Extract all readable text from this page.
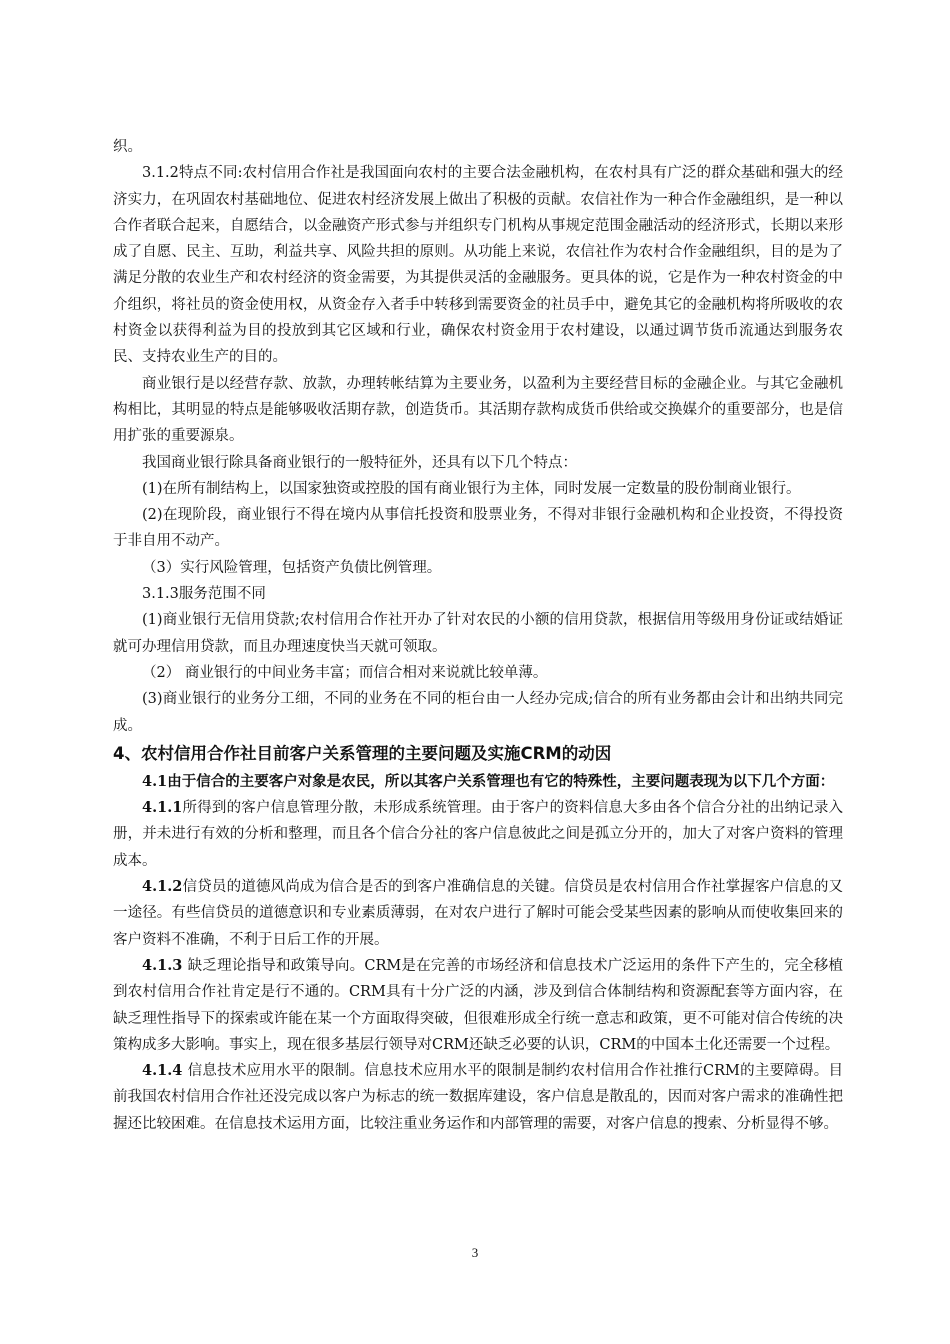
织。

3.1.2特点不同:农村信用合作社是我国面向农村的主要合法金融机构，在农村具有广泛的群众基础和强大的经济实力，在巩固农村基础地位、促进农村经济发展上做出了积极的贡献。农信社作为一种合作金融组织，是一种以合作者联合起来，自愿结合，以金融资产形式参与并组织专门机构从事规定范围金融活动的经济形式，长期以来形成了自愿、民主、互助，利益共享、风险共担的原则。从功能上来说，农信社作为农村合作金融组织，目的是为了满足分散的农业生产和农村经济的资金需要，为其提供灵活的金融服务。更具体的说，它是作为一种农村资金的中介组织，将社员的资金使用权，从资金存入者手中转移到需要资金的社员手中，避免其它的金融机构将所吸收的农村资金以获得利益为目的投放到其它区域和行业，确保农村资金用于农村建设，以通过调节货币流通达到服务农民、支持农业生产的目的。

商业银行是以经营存款、放款，办理转帐结算为主要业务，以盈利为主要经营目标的金融企业。与其它金融机构相比，其明显的特点是能够吸收活期存款，创造货币。其活期存款构成货币供给或交换媒介的重要部分，也是信用扩张的重要源泉。

我国商业银行除具备商业银行的一般特征外，还具有以下几个特点：

(1)在所有制结构上，以国家独资或控股的国有商业银行为主体，同时发展一定数量的股份制商业银行。

(2)在现阶段，商业银行不得在境内从事信托投资和股票业务，不得对非银行金融机构和企业投资，不得投资于非自用不动产。

（3）实行风险管理，包括资产负债比例管理。

3.1.3服务范围不同

(1)商业银行无信用贷款;农村信用合作社开办了针对农民的小额的信用贷款，根据信用等级用身份证或结婚证就可办理信用贷款，而且办理速度快当天就可领取。

（2） 商业银行的中间业务丰富；而信合相对来说就比较单薄。

(3)商业银行的业务分工细，不同的业务在不同的柜台由一人经办完成;信合的所有业务都由会计和出纳共同完成。

4、农村信用合作社目前客户关系管理的主要问题及实施CRM的动因

4.1由于信合的主要客户对象是农民，所以其客户关系管理也有它的特殊性，主要问题表现为以下几个方面：

4.1.1所得到的客户信息管理分散，未形成系统管理。由于客户的资料信息大多由各个信合分社的出纳记录入册，并未进行有效的分析和整理，而且各个信合分社的客户信息彼此之间是孤立分开的，加大了对客户资料的管理成本。

4.1.2信贷员的道德风尚成为信合是否的到客户准确信息的关键。信贷员是农村信用合作社掌握客户信息的又一途径。有些信贷员的道德意识和专业素质薄弱，在对农户进行了解时可能会受某些因素的影响从而使收集回来的客户资料不准确，不利于日后工作的开展。

4.1.3 缺乏理论指导和政策导向。CRM是在完善的市场经济和信息技术广泛运用的条件下产生的，完全移植到农村信用合作社肯定是行不通的。CRM具有十分广泛的内涵，涉及到信合体制结构和资源配套等方面内容，在缺乏理性指导下的探索或许能在某一个方面取得突破，但很难形成全行统一意志和政策，更不可能对信合传统的决策构成多大影响。事实上，现在很多基层行领导对CRM还缺乏必要的认识，CRM的中国本土化还需要一个过程。

4.1.4 信息技术应用水平的限制。信息技术应用水平的限制是制约农村信用合作社推行CRM的主要障碍。目前我国农村信用合作社还没完成以客户为标志的统一数据库建设，客户信息是散乱的，因而对客户需求的准确性把握还比较困难。在信息技术运用方面，比较注重业务运作和内部管理的需要，对客户信息的搜索、分析显得不够。

3
